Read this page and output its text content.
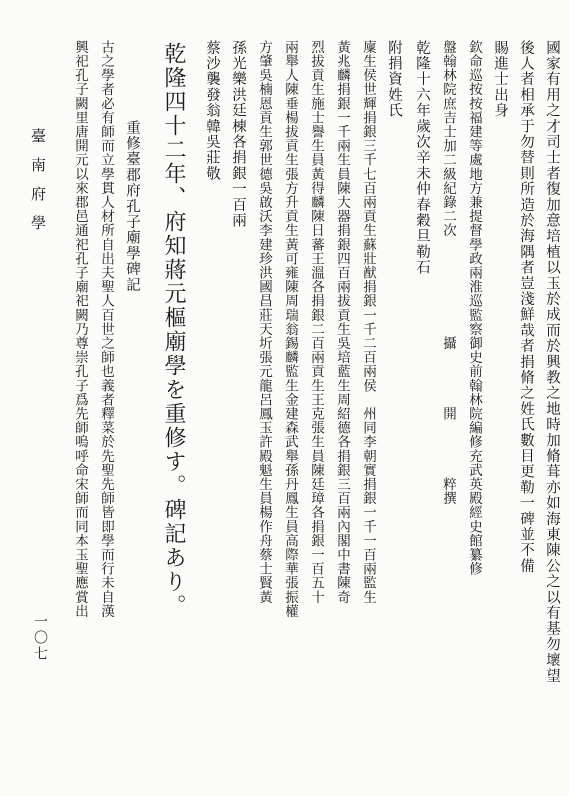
國家有用之才司士者復加意培植以玉於成而於興教之地時加脩葺亦如海東陳公之以有基勿壞望
後人者相承于勿替則所造於海隅者豈淺鮮哉者捐脩之姓氏數目更勒一碑並不備
賜進士出身
欽命巡按按福建等處地方兼提督學政兩淮巡監察御史前翰林院編修充武英殿經史館纂修
盤翰林院庶吉士加二級紀錄二次　　　　　　　攝　　　　開　　　　粹撰
乾隆十六年歲次辛未仲春穀旦勒石
附捐資姓氏
廩生侯世輝捐銀三千七百兩貢生蘇壯猷捐銀一千二百兩侯　州同李朝實捐銀一千一百兩監生
黃兆麟捐銀一千兩生員陳大器捐銀四百兩拔貢生吳培藍生周紹德各捐銀三百兩內閣中書陳奇
烈拔貢生施士譽生員黃得麟陳日蕃王溫各捐銀二百兩貢生王克張生員陳廷璋各捐銀一百五十
兩舉人陳垂楊拔貢生張方升貢生黃可雍陳周瑞翁錫麟監生金建森武舉孫丹鳳生員高際華張振權
方肇吳楠恩貢生郭世德吳啟沃李建珍洪國昌莊天圻張元龍呂鳳玉許殿魁生員楊作舟蔡士賢黃
孫光樂洪廷棟各捐銀一百兩
蔡沙襲發翁韓吳莊敬
乾隆四十二年、府知蔣元樞廟學を重修す。碑記あり。
重修臺郡府孔子廟學碑記
古之學者必有師而立學貫人材所自出夫聖人百世之師也義者釋菜於先聖先師皆即學而行未自漢
興祀孔子闕里唐開元以來郡邑通祀孔子廟祀闕乃尊崇孔子爲先師嗚呼命宋師而同本玉聖應賞出
臺南府學
一〇七
